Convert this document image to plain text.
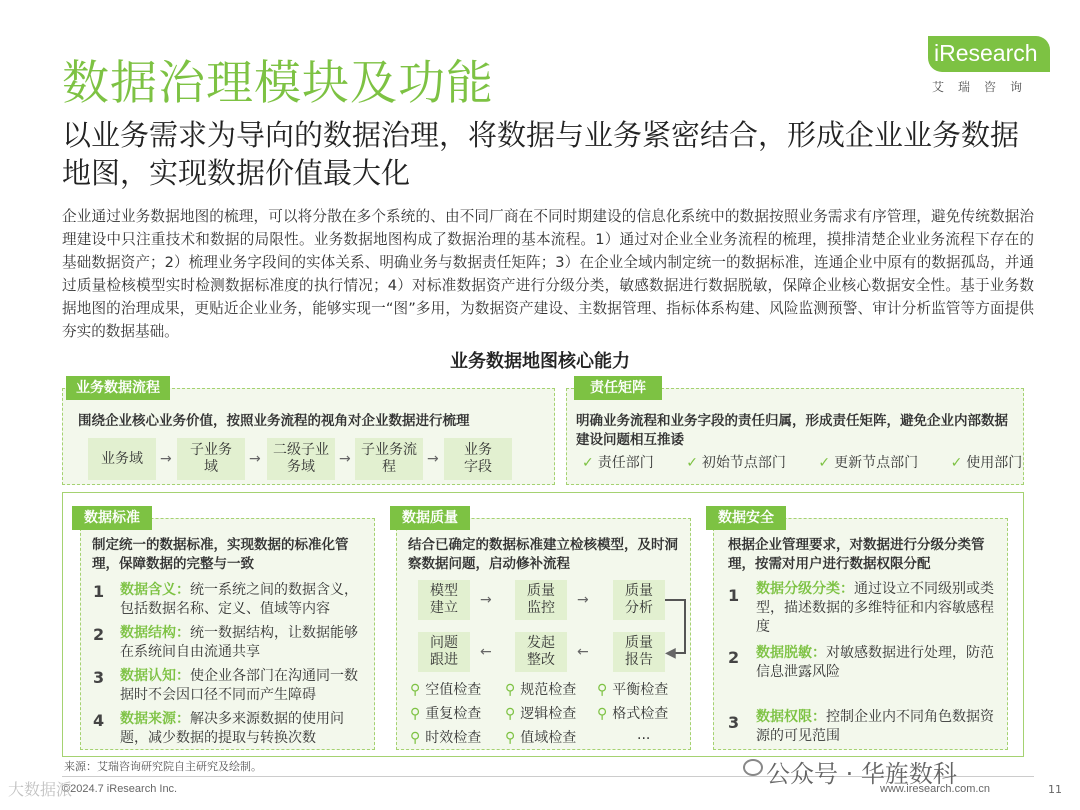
数据治理模块及功能
iResearch
艾瑞咨询
以业务需求为导向的数据治理，将数据与业务紧密结合，形成企业业务数据地图，实现数据价值最大化
企业通过业务数据地图的梳理，可以将分散在多个系统的、由不同厂商在不同时期建设的信息化系统中的数据按照业务需求有序管理，避免传统数据治理建设中只注重技术和数据的局限性。业务数据地图构成了数据治理的基本流程。1）通过对企业全业务流程的梳理，摸排清楚企业业务流程下存在的基础数据资产；2）梳理业务字段间的实体关系、明确业务与数据责任矩阵；3）在企业全域内制定统一的数据标准，连通企业中原有的数据孤岛，并通过质量检核模型实时检测数据标准度的执行情况；4）对标准数据资产进行分级分类，敏感数据进行数据脱敏，保障企业核心数据安全性。基于业务数据地图的治理成果，更贴近企业业务，能够实现一“图”多用，为数据资产建设、主数据管理、指标体系构建、风险监测预警、审计分析监管等方面提供夯实的数据基础。
业务数据地图核心能力
业务数据流程
围绕企业核心业务价值，按照业务流程的视角对企业数据进行梳理
业务域	→
子业务域	→
二级子业务域	→
子业务流程	→
业务字段
责任矩阵
明确业务流程和业务字段的责任归属，形成责任矩阵，避免企业内部数据建设问题相互推诿
✓ 责任部门 ✓ 初始节点部门 ✓ 更新节点部门 ✓ 使用部门
数据标准
制定统一的数据标准，实现数据的标准化管理，保障数据的完整与一致
1 数据含义：统一系统之间的数据含义，包括数据名称、定义、值域等内容
2 数据结构：统一数据结构，让数据能够在系统间自由流通共享
3 数据认知：使企业各部门在沟通同一数据时不会因口径不同而产生障碍
4 数据来源：解决多来源数据的使用问题，减少数据的提取与转换次数
数据质量
结合已确定的数据标准建立检核模型，及时洞察数据问题，启动修补流程
模型建立	→
质量监控	→
质量分析
◀
质量报告
←
发起整改
←
问题跟进
⚲ 空值检查 ⚲ 规范检查 ⚲ 平衡检查
⚲ 重复检查 ⚲ 逻辑检查 ⚲ 格式检查
⚲ 时效检查 ⚲ 值域检查	...
数据安全
根据企业管理要求，对数据进行分级分类管理，按需对用户进行数据权限分配
1 数据分级分类：通过设立不同级别或类型，描述数据的多维特征和内容敏感程度
2 数据脱敏：对敏感数据进行处理，防范信息泄露风险
3 数据权限：控制企业内不同角色数据资源的可见范围
来源：艾瑞咨询研究院自主研究及绘制。
©2024.7 iResearch Inc.	www.iresearch.com.cn	11
公众号 · 华旌数科
大数据派
